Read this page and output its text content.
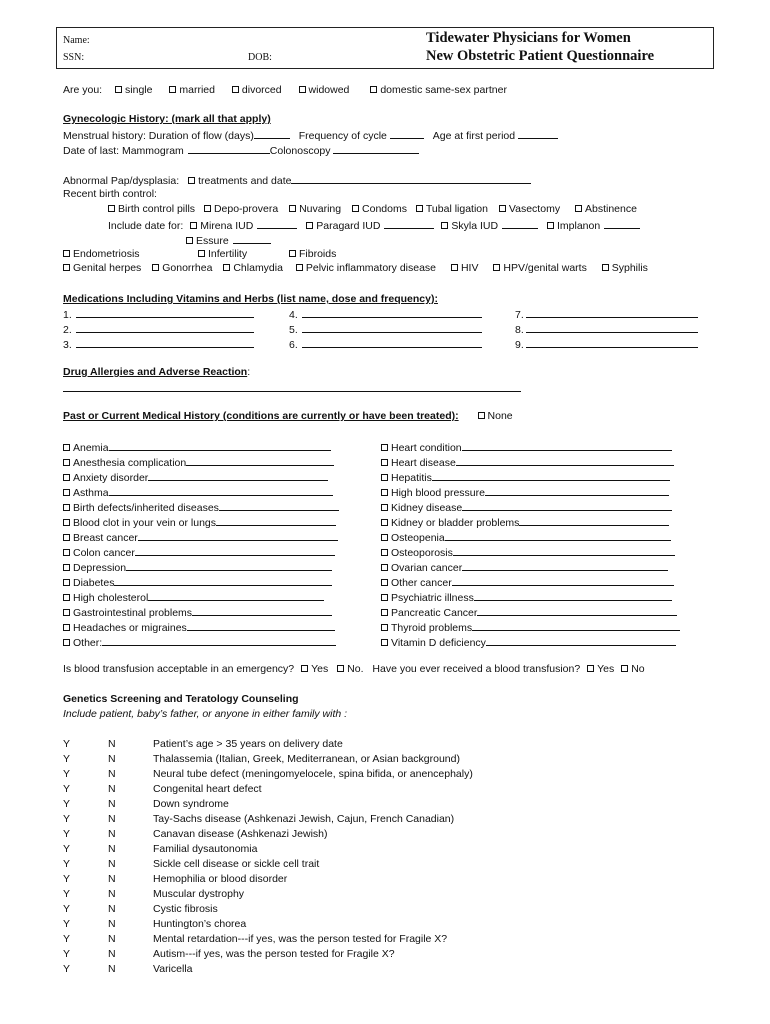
Name:
SSN:	DOB:
Tidewater Physicians for Women
New Obstetric Patient Questionnaire
Are you: single	married	divorced	widowed	domestic same-sex partner
Gynecologic History: (mark all that apply)
Menstrual history: Duration of flow (days)	Frequency of cycle	Age at first period
Date of last: Mammogram	Colonoscopy
Abnormal Pap/dysplasia: treatments and date
Recent birth control:
Birth control pills Depo-provera Nuvaring Condoms Tubal ligation Vasectomy Abstinence
Include date for: Mirena IUD	Paragard IUD	Skyla IUD	Implanon
Essure
Endometriosis	Infertility	Fibroids
Genital herpes Gonorrhea Chlamydia Pelvic inflammatory disease HIV HPV/genital warts Syphilis
Medications Including Vitamins and Herbs (list name, dose and frequency):
1.
2.
3.
4.
5.
6.
7.
8.
9.
Drug Allergies and Adverse Reaction:
Past or Current Medical History (conditions are currently or have been treated):	None
Anemia
Anesthesia complication
Anxiety disorder
Asthma
Birth defects/inherited diseases
Blood clot in your vein or lungs
Breast cancer
Colon cancer
Depression
Diabetes
High cholesterol
Gastrointestinal problems
Headaches or migraines
Other:
Heart condition
Heart disease
Hepatitis
High blood pressure
Kidney disease
Kidney or bladder problems
Osteopenia
Osteoporosis
Ovarian cancer
Other cancer
Psychiatric illness
Pancreatic Cancer
Thyroid problems
Vitamin D deficiency
Is blood transfusion acceptable in an emergency? Yes No. Have you ever received a blood transfusion? Yes No
Genetics Screening and Teratology Counseling
Include patient, baby’s father, or anyone in either family with :
Y	N	Patient’s age > 35 years on delivery date
Y	N	Thalassemia (Italian, Greek, Mediterranean, or Asian background)
Y	N	Neural tube defect (meningomyelocele, spina bifida, or anencephaly)
Y	N	Congenital heart defect
Y	N	Down syndrome
Y	N	Tay-Sachs disease (Ashkenazi Jewish, Cajun, French Canadian)
Y	N	Canavan disease (Ashkenazi Jewish)
Y	N	Familial dysautonomia
Y	N	Sickle cell disease or sickle cell trait
Y	N	Hemophilia or blood disorder
Y	N	Muscular dystrophy
Y	N	Cystic fibrosis
Y	N	Huntington’s chorea
Y	N	Mental retardation---if yes, was the person tested for Fragile X?
Y	N	Autism---if yes, was the person tested for Fragile X?
Y	N	Varicella
